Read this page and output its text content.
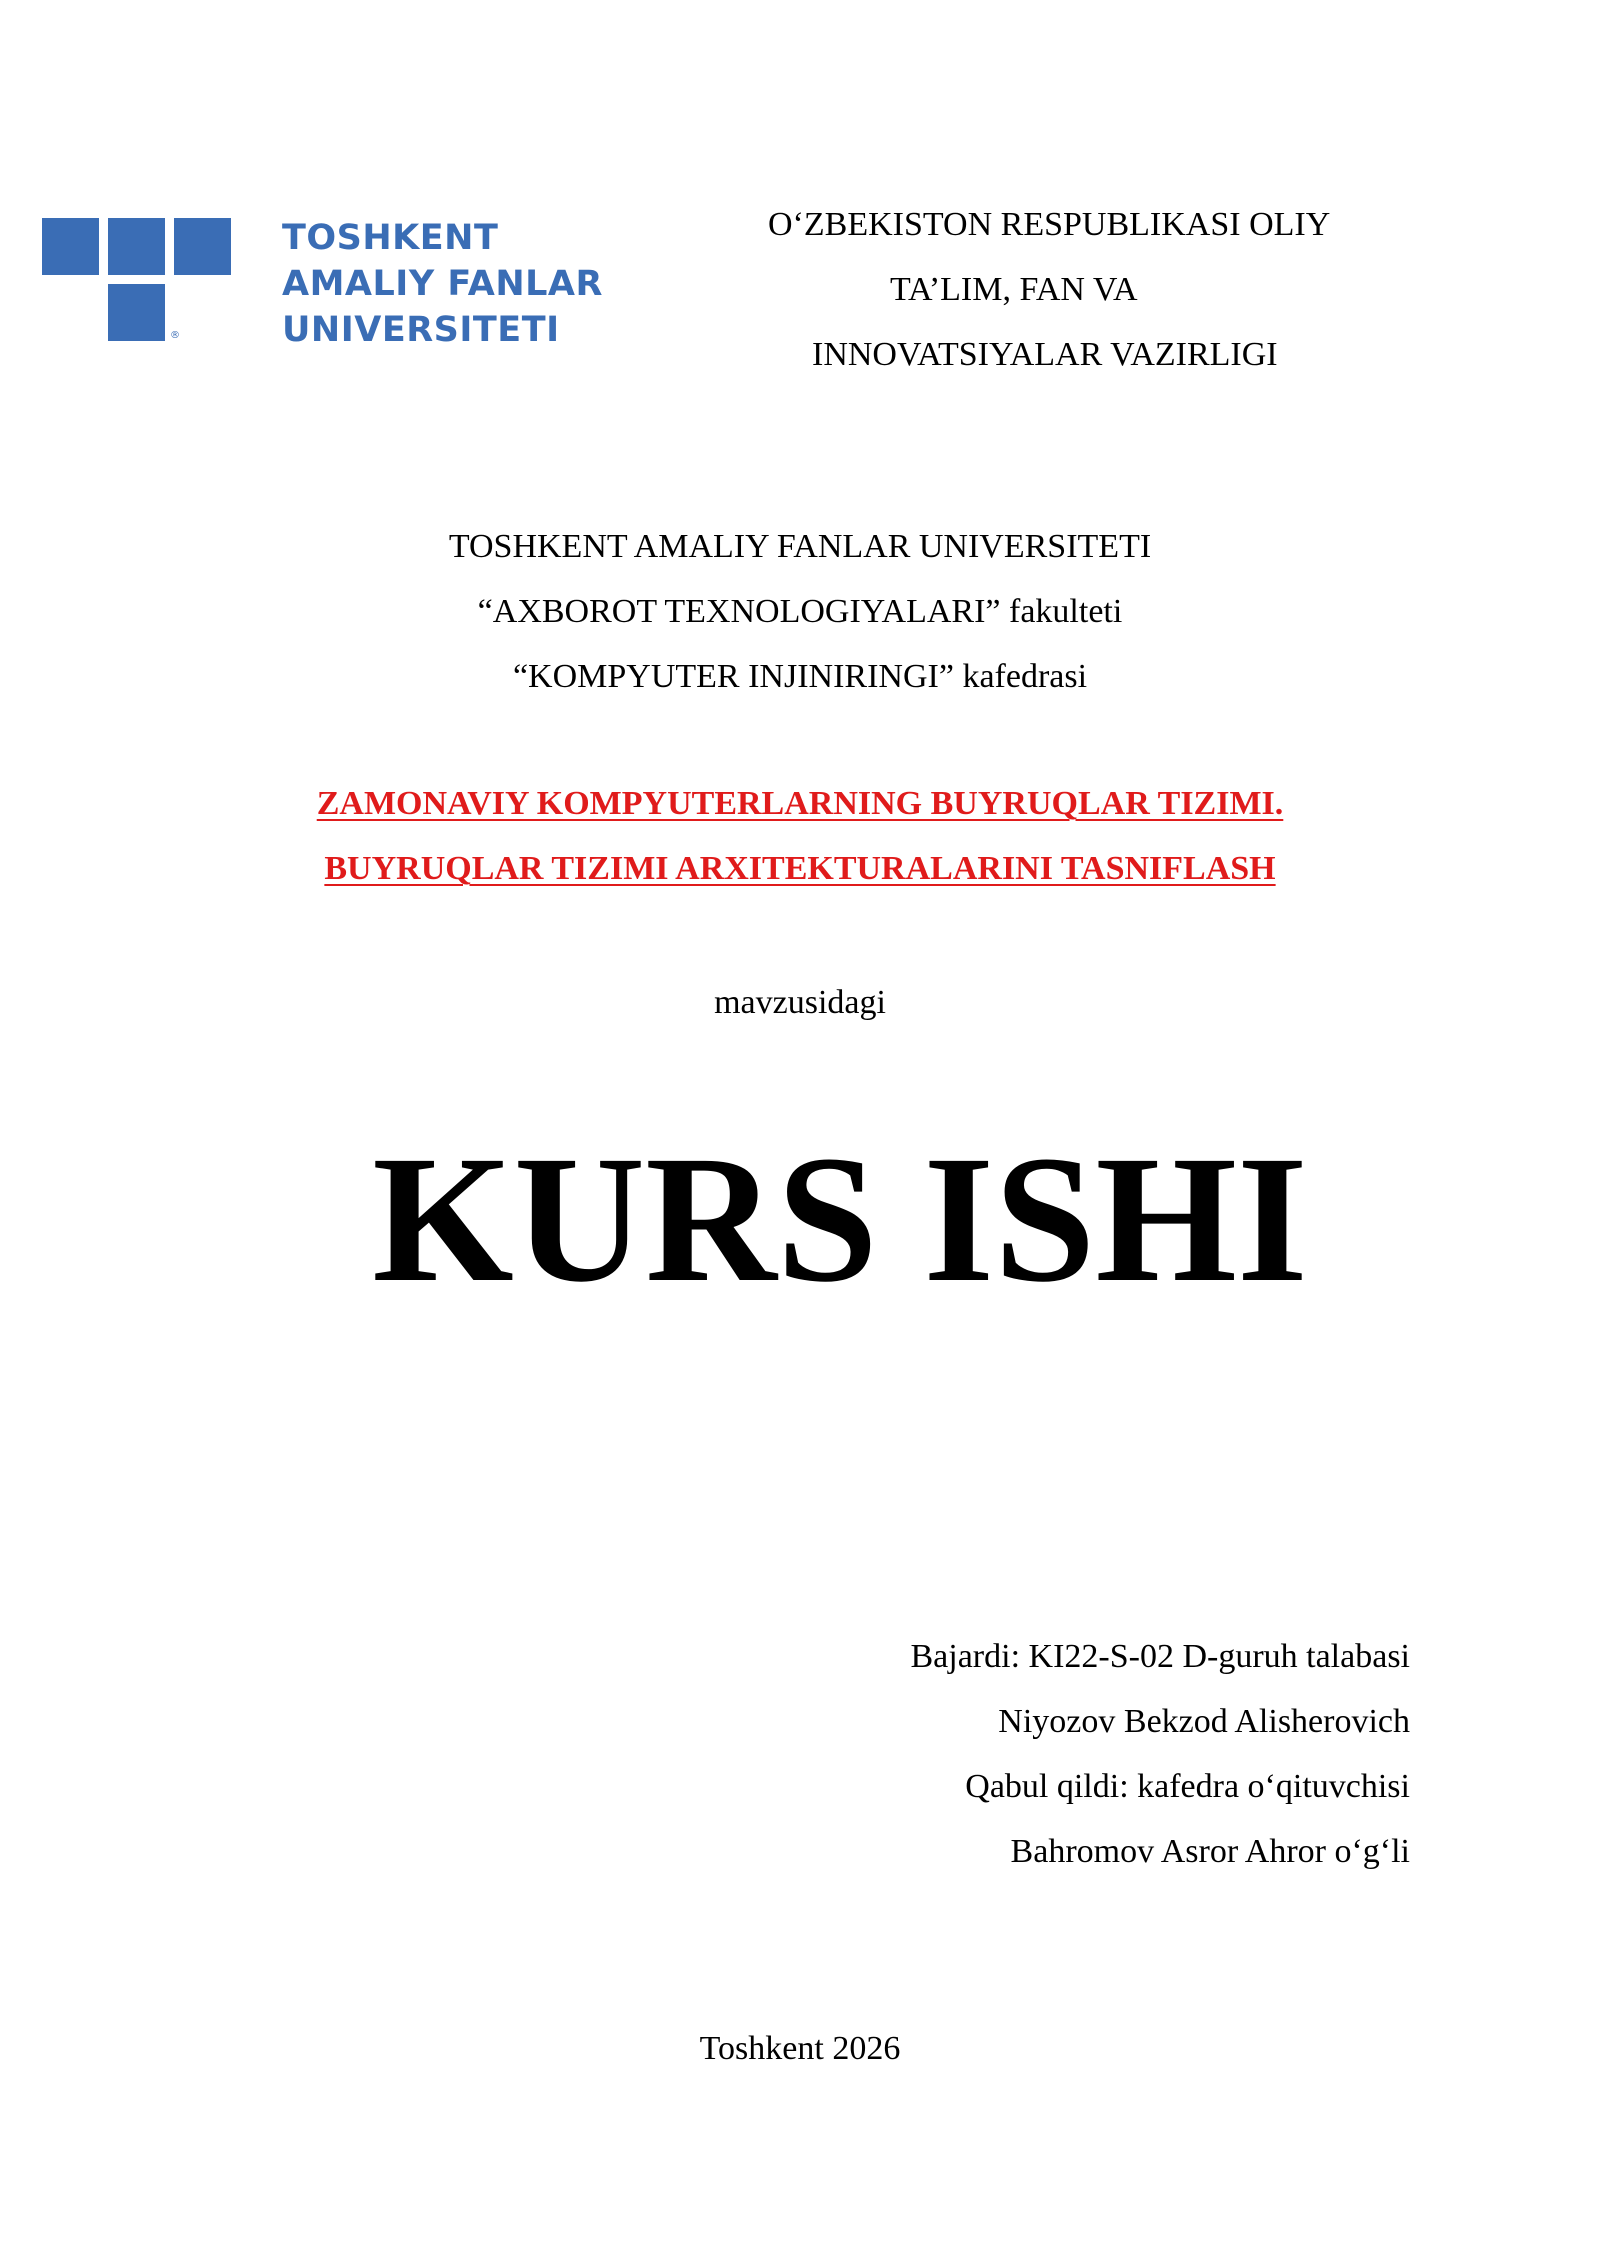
®
TOSHKENT
AMALIY FANLAR
UNIVERSITETI
O‘ZBEKISTON RESPUBLIKASI OLIY
TA’LIM, FAN VA
INNOVATSIYALAR VAZIRLIGI
TOSHKENT AMALIY FANLAR UNIVERSITETI
“AXBOROT TEXNOLOGIYALARI” fakulteti
“KOMPYUTER INJINIRINGI” kafedrasi
ZAMONAVIY KOMPYUTERLARNING BUYRUQLAR TIZIMI.
BUYRUQLAR TIZIMI ARXITEKTURALARINI TASNIFLASH
mavzusidagi
KURS ISHI
Bajardi: KI22-S-02 D-guruh talabasi
Niyozov Bekzod Alisherovich
Qabul qildi: kafedra o‘qituvchisi
Bahromov Asror Ahror o‘g‘li
Toshkent 2026
